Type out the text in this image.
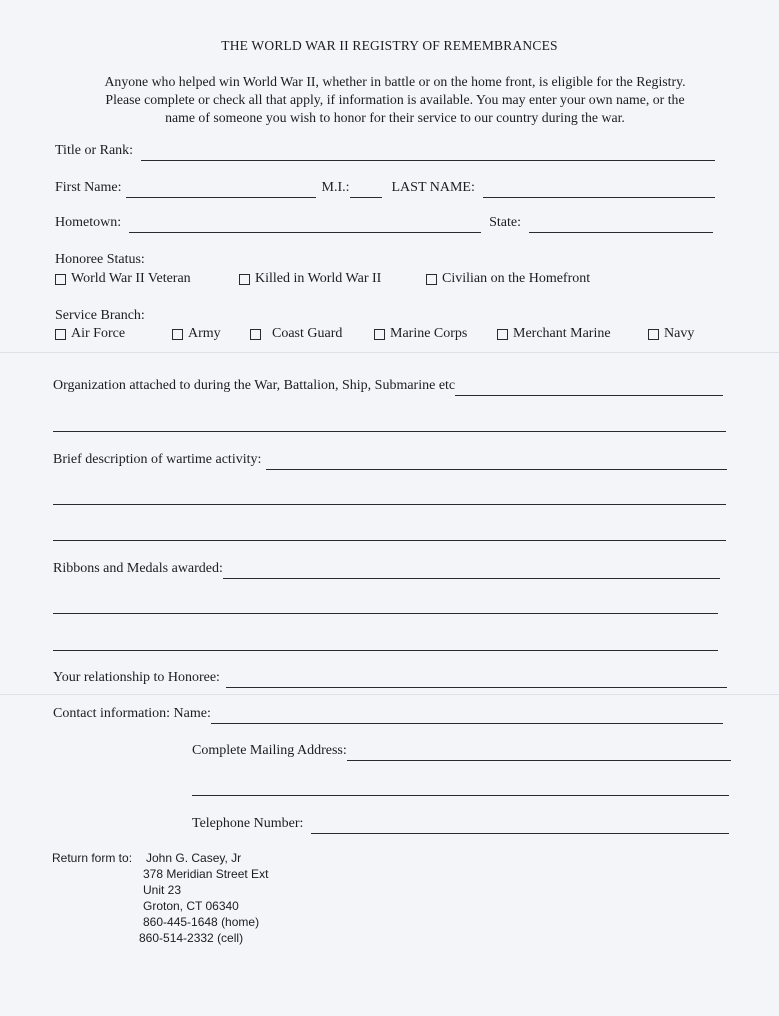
THE WORLD WAR II REGISTRY OF REMEMBRANCES
Anyone who helped win World War II, whether in battle or on the home front, is eligible for the Registry.
Please complete or check all that apply, if information is available. You may enter your own name, or the
name of someone you wish to honor for their service to our country during the war.
Title or Rank:
First Name:	M.I.:	LAST NAME:
Hometown:	State:
Honoree Status:
World War II Veteran	Killed in World War II	Civilian on the Homefront
Service Branch:
Air Force	Army	Coast Guard	Marine Corps	Merchant Marine	Navy
Organization attached to during the War, Battalion, Ship, Submarine etc
Brief description of wartime activity:
Ribbons and Medals awarded:
Your relationship to Honoree:
Contact information: Name:
Complete Mailing Address:
Telephone Number:
Return form to: John G. Casey, Jr
378 Meridian Street Ext
Unit 23
Groton, CT 06340
860-445-1648 (home)
860-514-2332 (cell)
